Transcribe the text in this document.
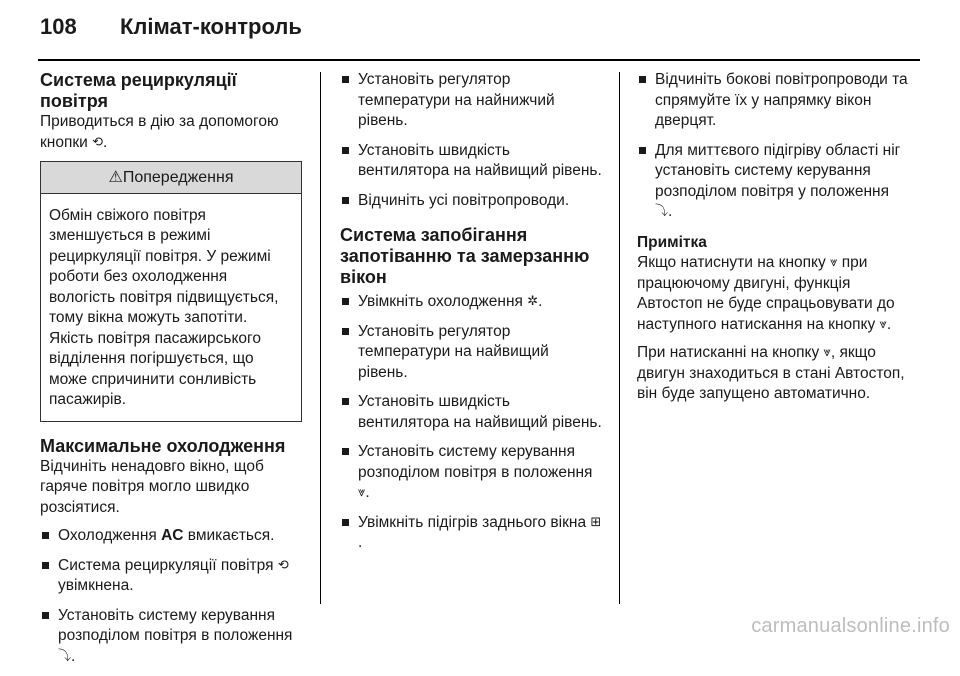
108	Клімат-контроль
Система рециркуляції повітря

Приводиться в дію за допомогою кнопки ⟲.

⚠Попередження
Обмін свіжого повітря зменшується в режимі рециркуляції повітря. У режимі роботи без охолодження вологість повітря підвищується, тому вікна можуть запотіти. Якість повітря пасажирського відділення погіршується, що може спричинити сонливість пасажирів.
Максимальне охолодження

Відчиніть ненадовго вікно, щоб гаряче повітря могло швидко розсіятися.

Охолодження AC вмикається.
Система рециркуляції повітря ⟲
увімкнена.
Установіть систему керування розподілом повітря в положення
⤵.
Установіть регулятор температури на найнижчий рівень.
Установіть швидкість вентилятора на найвищий рівень.
Відчиніть усі повітропроводи.
Система запобігання запотіванню та замерзанню вікон
Увімкніть охолодження ✲.
Установіть регулятор температури на найвищий рівень.
Установіть швидкість вентилятора на найвищий рівень.
Установіть систему керування розподілом повітря в положення
⩔.
Увімкніть підігрів заднього вікна ⊞.
Відчиніть бокові повітропроводи та спрямуйте їх у напрямку вікон дверцят.
Для миттєвого підігріву області ніг установіть систему керування розподілом повітря у положення
⤵.
Примітка

Якщо натиснути на кнопку ⩔ при працюючому двигуні, функція Автостоп не буде спрацьовувати до наступного натискання на кнопку ⩔.

При натисканні на кнопку ⩔, якщо двигун знаходиться в стані Автостоп, він буде запущено автоматично.

carmanualsonline.info
